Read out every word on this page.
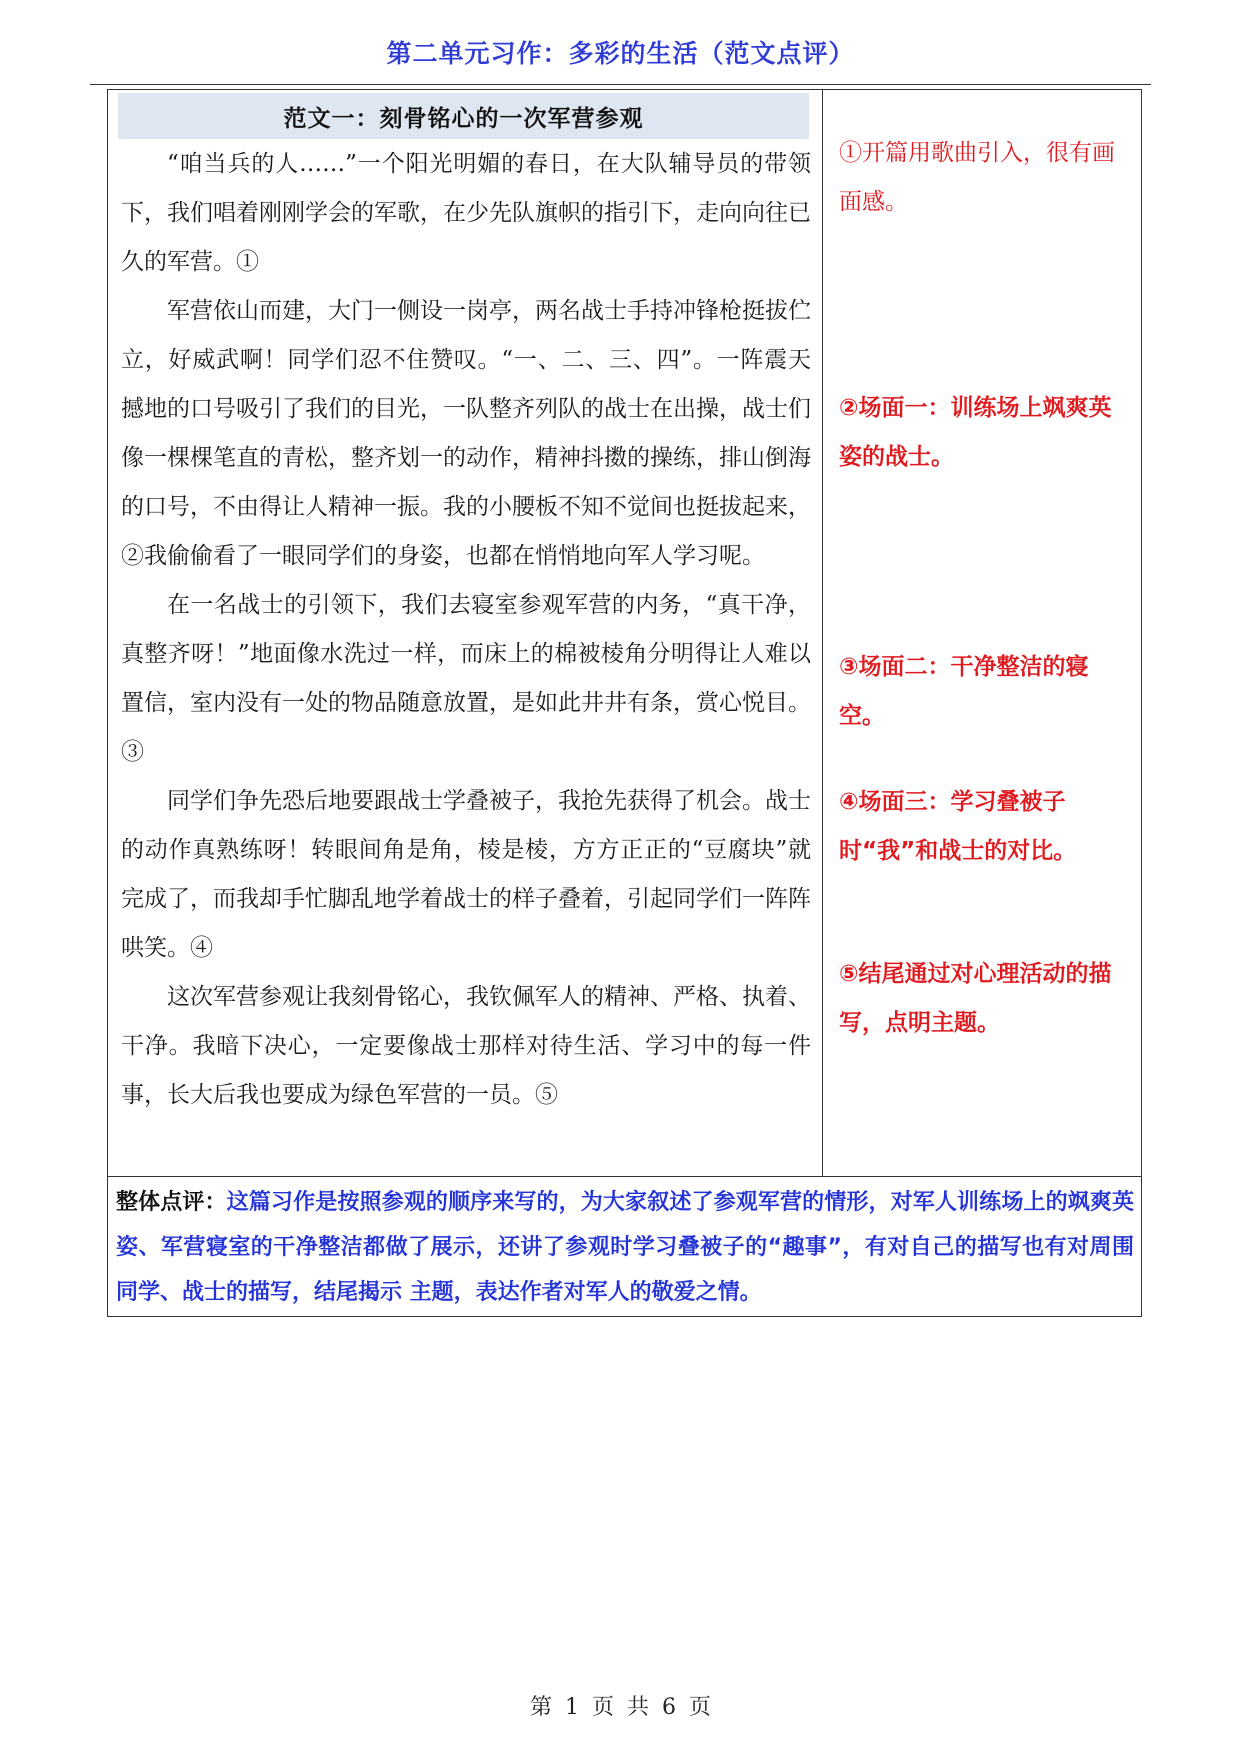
第二单元习作：多彩的生活（范文点评）
范文一：刻骨铭心的一次军营参观

“咱当兵的人……”一个阳光明媚的春日，在大队辅导员的带领下，我们唱着刚刚学会的军歌，在少先队旗帜的指引下，走向向往已久的军营。①

军营依山而建，大门一侧设一岗亭，两名战士手持冲锋枪挺拔伫立，好威武啊！同学们忍不住赞叹。“一、二、三、四”。一阵震天撼地的口号吸引了我们的目光，一队整齐列队的战士在出操，战士们像一棵棵笔直的青松，整齐划一的动作，精神抖擞的操练，排山倒海的口号，不由得让人精神一振。我的小腰板不知不觉间也挺拔起来，②我偷偷看了一眼同学们的身姿，也都在悄悄地向军人学习呢。

在一名战士的引领下，我们去寝室参观军营的内务，“真干净，真整齐呀！”地面像水洗过一样，而床上的棉被棱角分明得让人难以置信，室内没有一处的物品随意放置，是如此井井有条，赏心悦目。③

同学们争先恐后地要跟战士学叠被子，我抢先获得了机会。战士的动作真熟练呀！转眼间角是角，棱是棱，方方正正的“豆腐块”就完成了，而我却手忙脚乱地学着战士的样子叠着，引起同学们一阵阵哄笑。④

这次军营参观让我刻骨铭心，我钦佩军人的精神、严格、执着、干净。我暗下决心，一定要像战士那样对待生活、学习中的每一件事，长大后我也要成为绿色军营的一员。⑤

①开篇用歌曲引入，很有画面感。
②场面一：训练场上飒爽英姿的战士。
③场面二：干净整洁的寝空。
④场面三：学习叠被子时“我”和战士的对比。
⑤结尾通过对心理活动的描写，点明主题。
整体点评：这篇习作是按照参观的顺序来写的，为大家叙述了参观军营的情形，对军人训练场上的飒爽英姿、军营寝室的干净整洁都做了展示，还讲了参观时学习叠被子的“趣事”，有对自己的描写也有对周围同学、战士的描写，结尾揭示 主题，表达作者对军人的敬爱之情。
第 1 页 共 6 页
